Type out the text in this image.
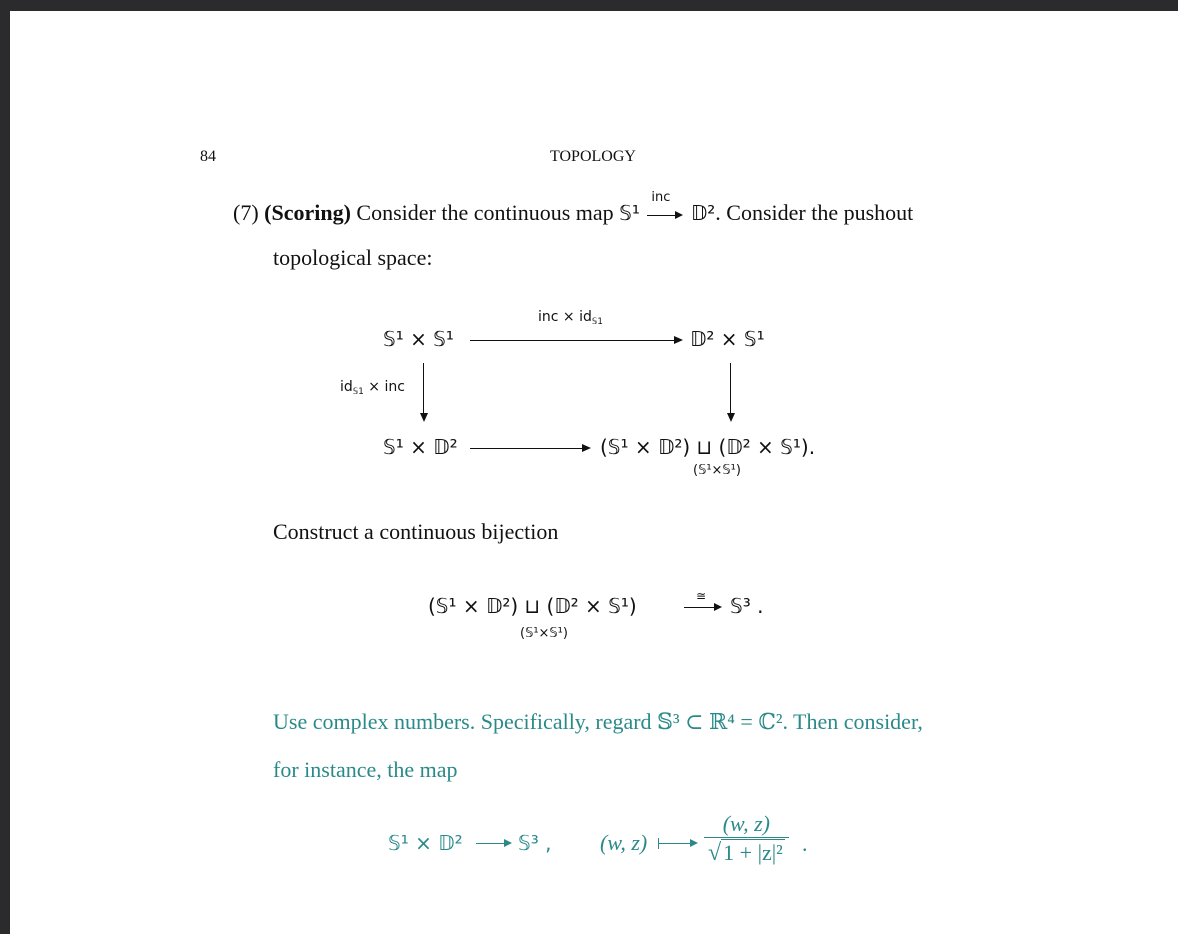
84	TOPOLOGY
(7) (Scoring) Consider the continuous map 𝕊¹
inc
𝔻². Consider the pushout
topological space:
𝕊¹ × 𝕊¹	𝔻² × 𝕊¹
𝕊¹ × 𝔻²	(𝕊¹ × 𝔻²) ⊔ (𝔻² × 𝕊¹).
(𝕊¹×𝕊¹)
inc × $id_{𝕊1}$
$id_{𝕊1}$ × inc
Construct a continuous bijection
(𝕊¹ × 𝔻²) ⊔ (𝔻² × 𝕊¹)
(𝕊¹×𝕊¹)
≅ 𝕊³ .
Use complex numbers. Specifically, regard 𝕊³ ⊂ ℝ⁴ = ℂ². Then consider,
for instance, the map
𝕊¹ × 𝔻²	𝕊³ , (w, z)	$\frac{(w, z)}{\text{√1 + |z|²}}$ .
